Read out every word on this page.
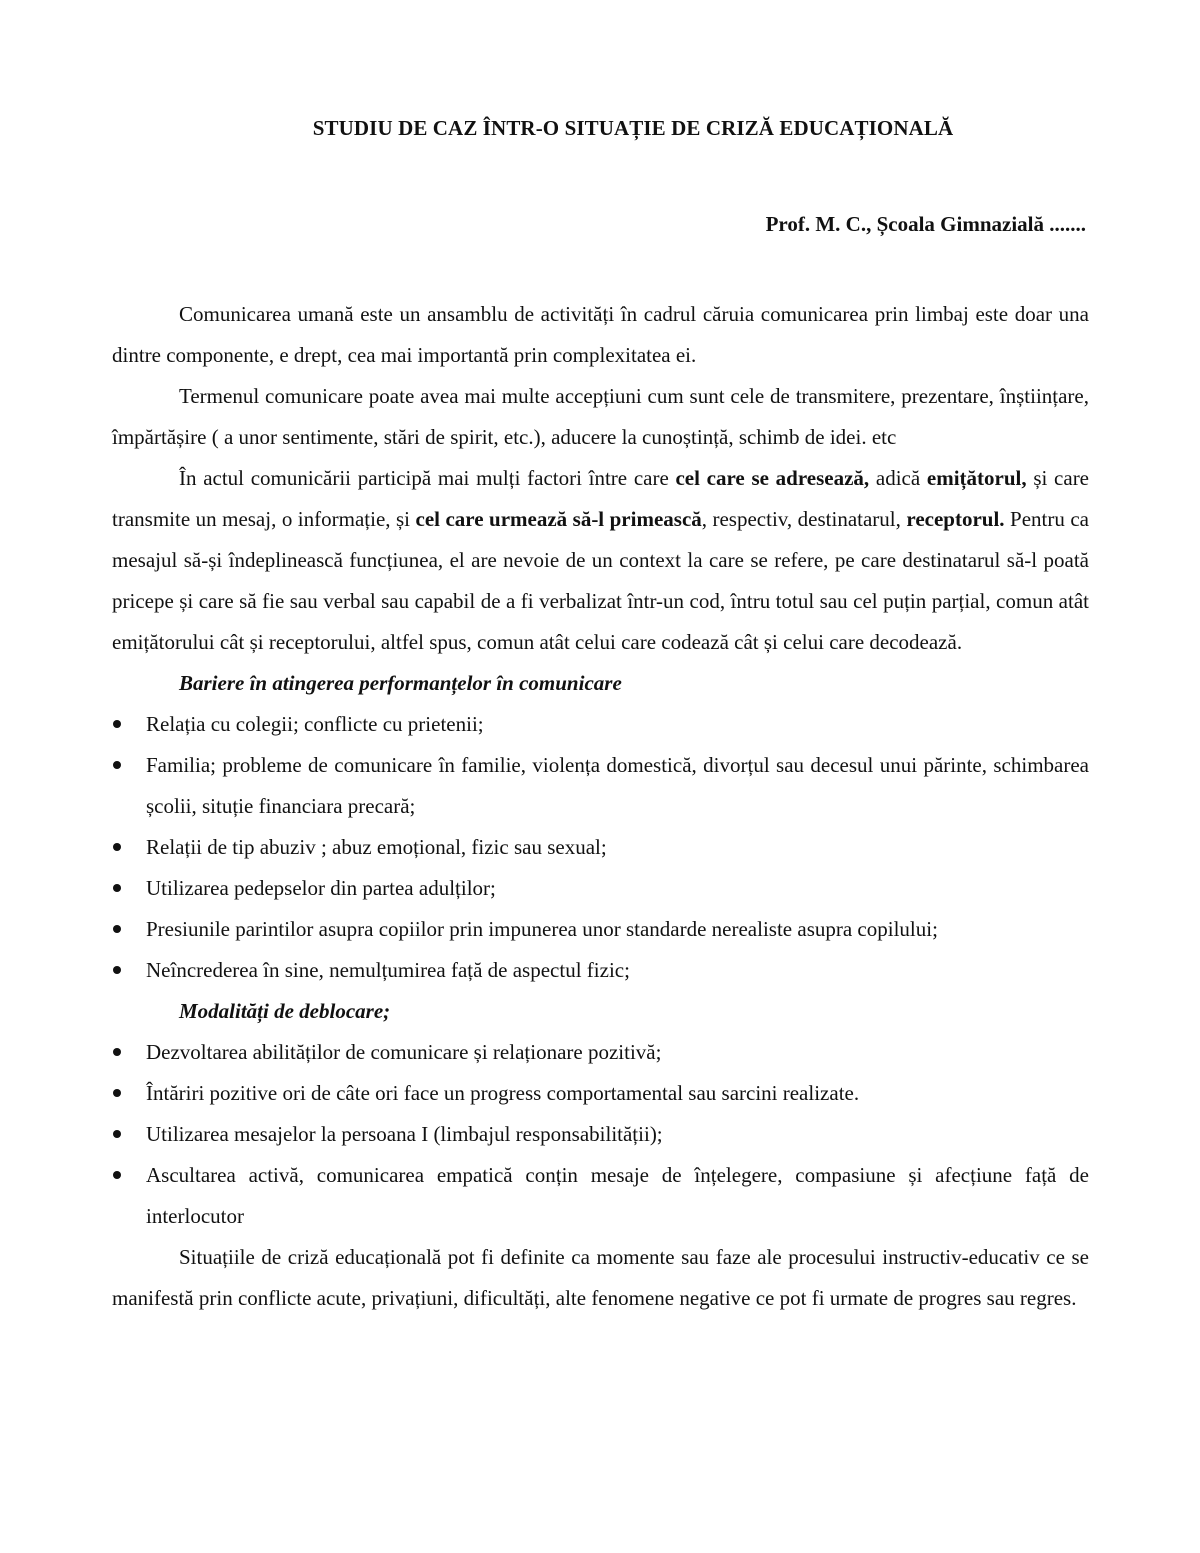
STUDIU DE CAZ ÎNTR-O SITUAȚIE DE CRIZĂ EDUCAȚIONALĂ
Prof. M. C., Școala Gimnazială .......

Comunicarea umană este un ansamblu de activități în cadrul căruia comunicarea prin limbaj este doar una dintre componente, e drept, cea mai importantă prin complexitatea ei.

Termenul comunicare poate avea mai multe accepțiuni cum sunt cele de transmitere, prezentare, înștiințare, împărtășire ( a unor sentimente, stări de spirit, etc.), aducere la cunoștință, schimb de idei. etc

În actul comunicării participă mai mulți factori între care cel care se adresează, adică emițătorul, și care transmite un mesaj, o informație, și cel care urmează să-l primească, respectiv, destinatarul, receptorul. Pentru ca mesajul să-și îndeplinească funcțiunea, el are nevoie de un context la care se refere, pe care destinatarul să-l poată pricepe și care să fie sau verbal sau capabil de a fi verbalizat într-un cod, întru totul sau cel puțin parțial, comun atât emițătorului cât și receptorului, altfel spus, comun atât celui care codează cât și celui care decodează.

Bariere în atingerea performanțelor în comunicare

Relația cu colegii; conflicte cu prietenii;
Familia; probleme de comunicare în familie, violența domestică, divorțul sau decesul unui părinte, schimbarea școlii, situție financiara precară;
Relații de tip abuziv ; abuz emoțional, fizic sau sexual;
Utilizarea pedepselor din partea adulților;
Presiunile parintilor asupra copiilor prin impunerea unor standarde nerealiste asupra copilului;
Neîncrederea în sine, nemulțumirea față de aspectul fizic;

Modalități de deblocare;

Dezvoltarea abilităților de comunicare și relaționare pozitivă;
Întăriri pozitive ori de câte ori face un progress comportamental sau sarcini realizate.
Utilizarea mesajelor la persoana I (limbajul responsabilității);
Ascultarea activă, comunicarea empatică conțin mesaje de înțelegere, compasiune și afecțiune față de interlocutor

Situațiile de criză educațională pot fi definite ca momente sau faze ale procesului instructiv-educativ ce se manifestă prin conflicte acute, privațiuni, dificultăți, alte fenomene negative ce pot fi urmate de progres sau regres.
